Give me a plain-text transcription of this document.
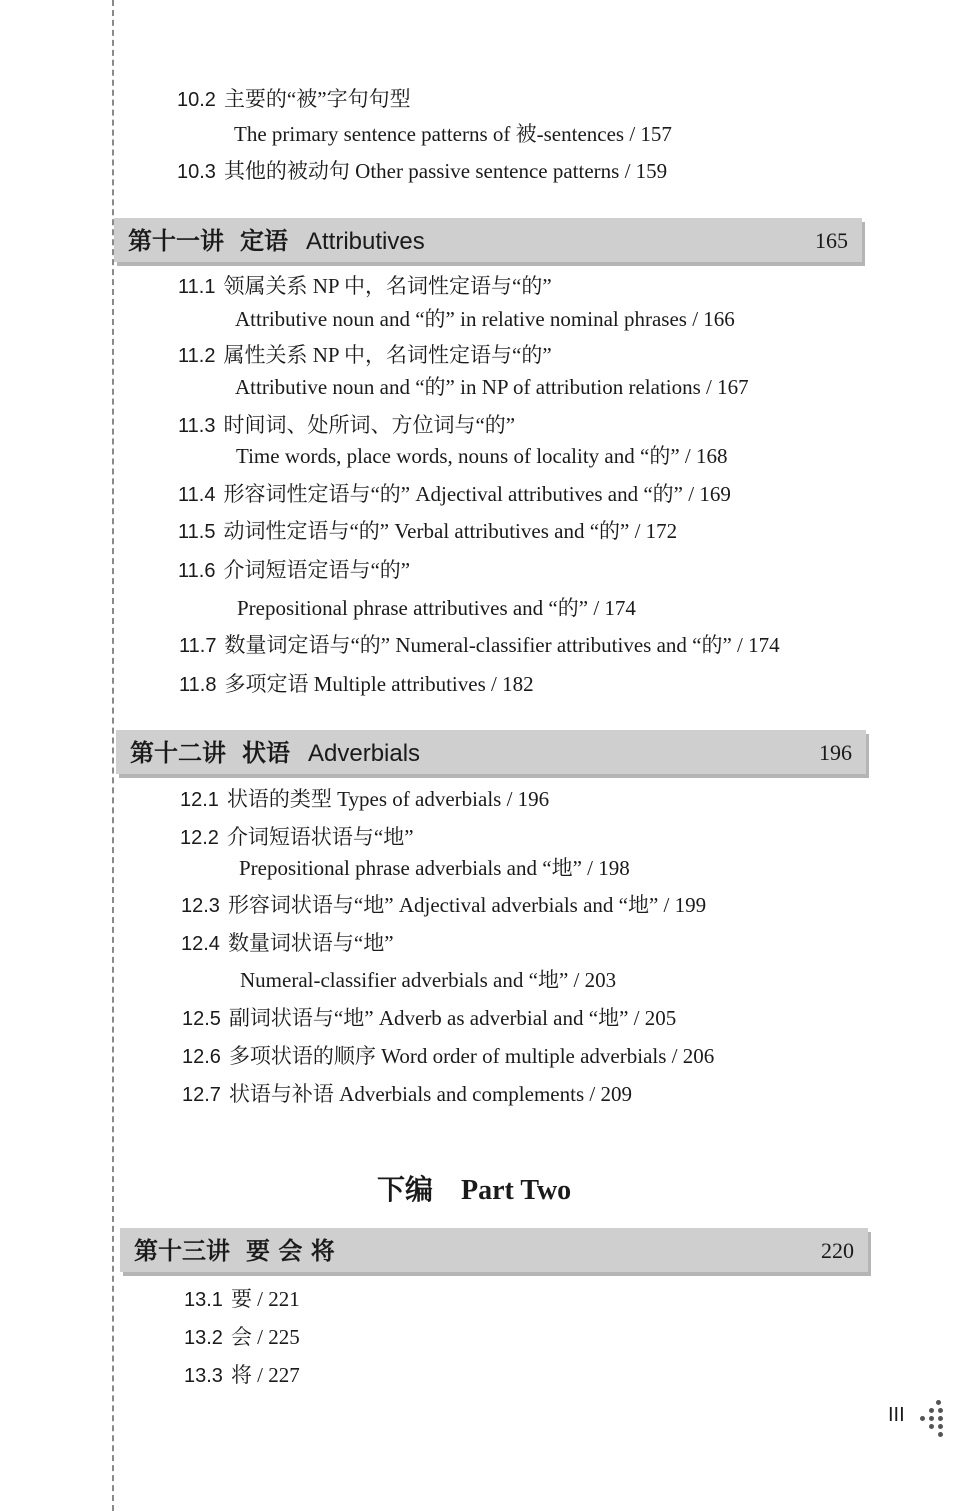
10.2 主要的“被”字句句型
The primary sentence patterns of 被-sentences / 157
10.3 其他的被动句 Other passive sentence patterns / 159
第十一讲 定语 Attributives	165
11.1 领属关系 NP 中，名词性定语与“的”
Attributive noun and “的” in relative nominal phrases / 166
11.2 属性关系 NP 中，名词性定语与“的”
Attributive noun and “的” in NP of attribution relations / 167
11.3 时间词、处所词、方位词与“的”
Time words, place words, nouns of locality and “的” / 168
11.4 形容词性定语与“的” Adjectival attributives and “的” / 169
11.5 动词性定语与“的” Verbal attributives and “的” / 172
11.6 介词短语定语与“的”
Prepositional phrase attributives and “的” / 174
11.7 数量词定语与“的” Numeral-classifier attributives and “的” / 174
11.8 多项定语 Multiple attributives / 182
第十二讲 状语 Adverbials	196
12.1 状语的类型 Types of adverbials / 196
12.2 介词短语状语与“地”
Prepositional phrase adverbials and “地” / 198
12.3 形容词状语与“地” Adjectival adverbials and “地” / 199
12.4 数量词状语与“地”
Numeral-classifier adverbials and “地” / 203
12.5 副词状语与“地” Adverb as adverbial and “地” / 205
12.6 多项状语的顺序 Word order of multiple adverbials / 206
12.7 状语与补语 Adverbials and complements / 209
下编 Part Two
第十三讲 要 会 将	220
13.1 要 / 221
13.2 会 / 225
13.3 将 / 227
III
